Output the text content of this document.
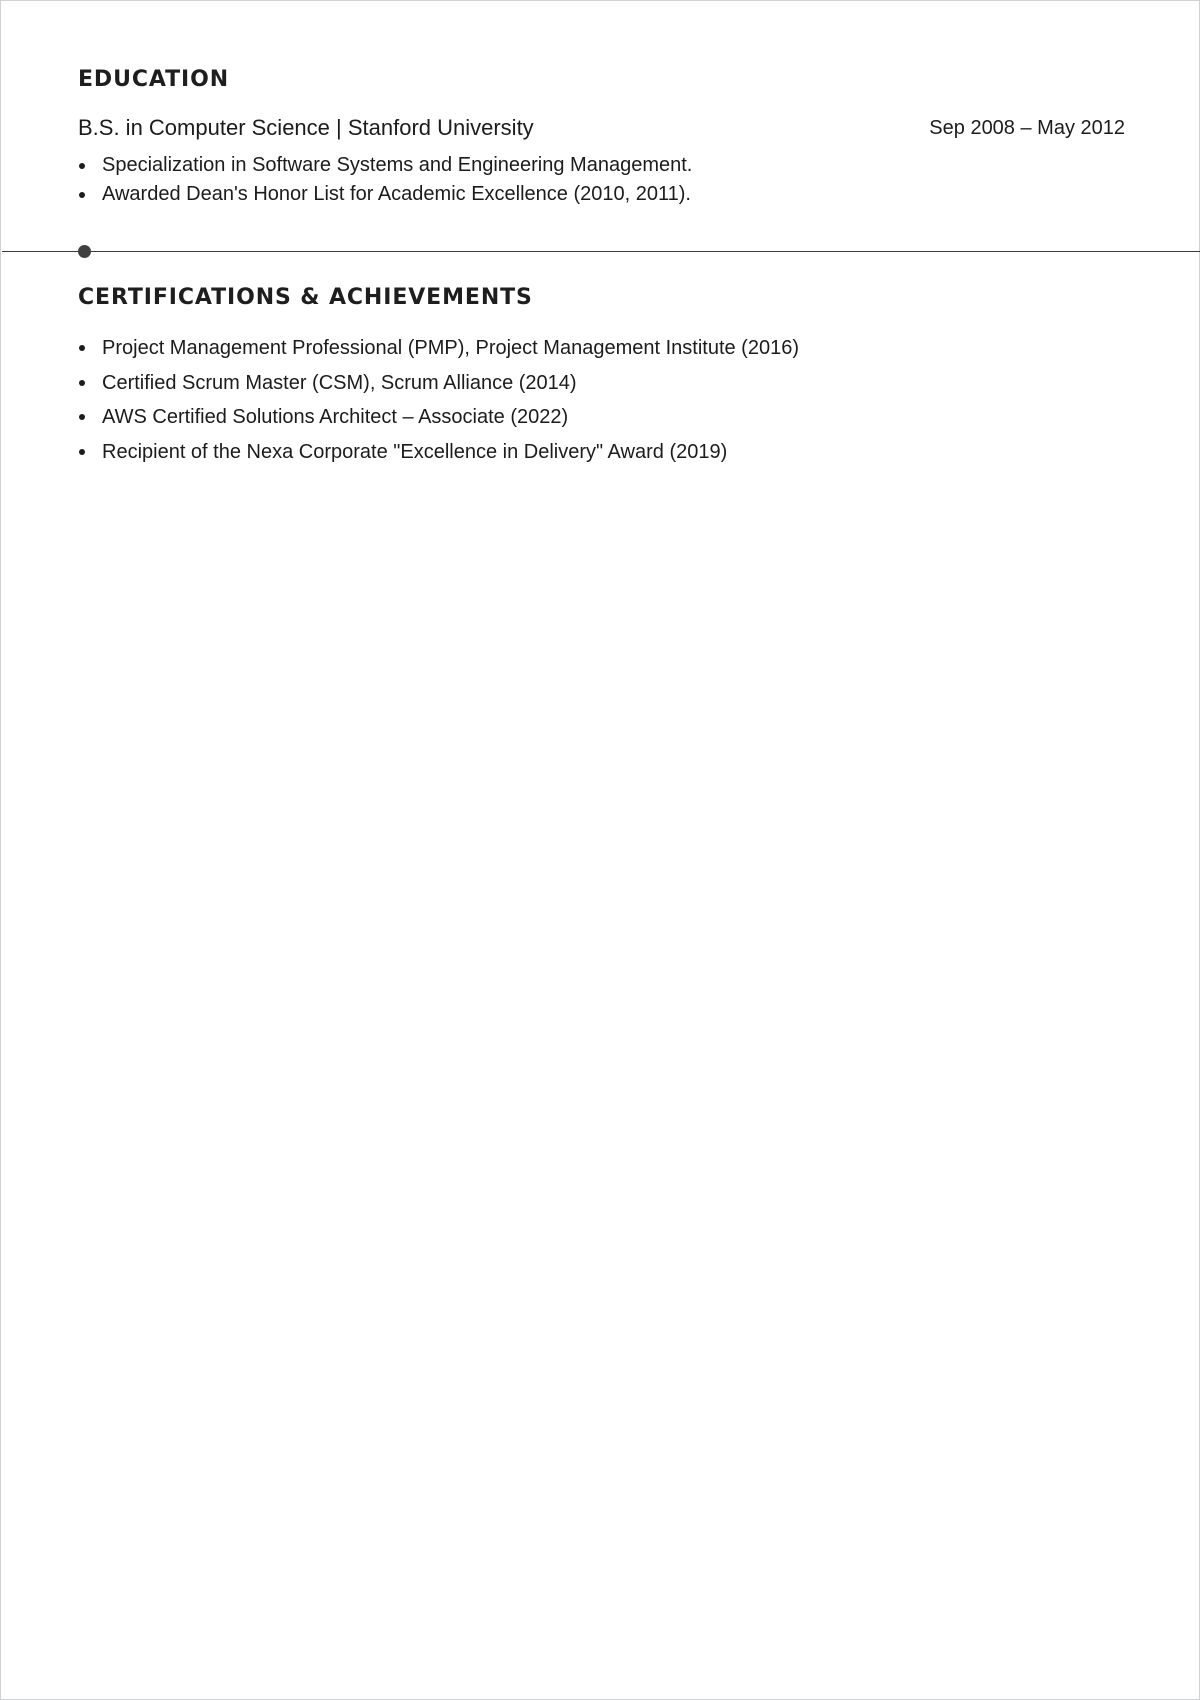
EDUCATION
B.S. in Computer Science | Stanford University	Sep 2008 – May 2012
Specialization in Software Systems and Engineering Management.
Awarded Dean's Honor List for Academic Excellence (2010, 2011).
CERTIFICATIONS & ACHIEVEMENTS
Project Management Professional (PMP), Project Management Institute (2016)
Certified Scrum Master (CSM), Scrum Alliance (2014)
AWS Certified Solutions Architect – Associate (2022)
Recipient of the Nexa Corporate "Excellence in Delivery" Award (2019)
